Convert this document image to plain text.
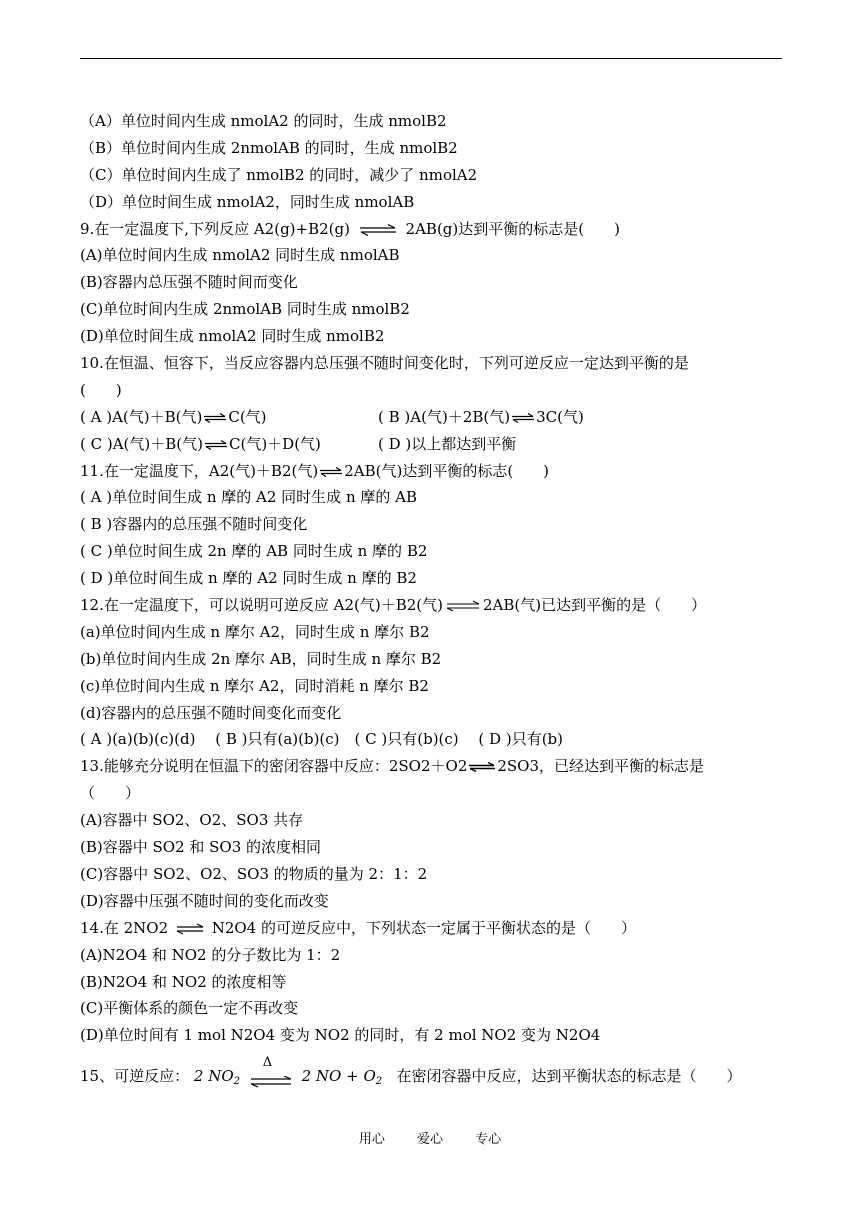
（A）单位时间内生成 nmolA2 的同时，生成 nmolB2
（B）单位时间内生成 2nmolAB 的同时，生成 nmolB2
（C）单位时间内生成了 nmolB2 的同时，减少了 nmolA2
（D）单位时间生成 nmolA2，同时生成 nmolAB
9.在一定温度下,下列反应 A2(g)+B2(g) ⇌ 2AB(g)达到平衡的标志是(　　)
(A)单位时间内生成 nmolA2 同时生成 nmolAB
(B)容器内总压强不随时间而变化
(C)单位时间内生成 2nmolAB 同时生成 nmolB2
(D)单位时间生成 nmolA2 同时生成 nmolB2
10.在恒温、恒容下，当反应容器内总压强不随时间变化时，下列可逆反应一定达到平衡的是
(　　)
( A )A(气)＋B(气)⇌C(气)	( B )A(气)＋2B(气)⇌3C(气)
( C )A(气)＋B(气)⇌C(气)＋D(气)	( D )以上都达到平衡
11.在一定温度下，A2(气)＋B2(气)⇌2AB(气)达到平衡的标志(　　)
( A )单位时间生成 n 摩的 A2 同时生成 n 摩的 AB
( B )容器内的总压强不随时间变化
( C )单位时间生成 2n 摩的 AB 同时生成 n 摩的 B2
( D )单位时间生成 n 摩的 A2 同时生成 n 摩的 B2
12.在一定温度下，可以说明可逆反应 A2(气)＋B2(气)⇌2AB(气)已达到平衡的是（　　）
(a)单位时间内生成 n 摩尔 A2，同时生成 n 摩尔 B2
(b)单位时间内生成 2n 摩尔 AB，同时生成 n 摩尔 B2
(c)单位时间内生成 n 摩尔 A2，同时消耗 n 摩尔 B2
(d)容器内的总压强不随时间变化而变化
( A )(a)(b)(c)(d)　 ( B )只有(a)(b)(c)　( C )只有(b)(c)　 ( D )只有(b)
13.能够充分说明在恒温下的密闭容器中反应：2SO2＋O2⇌2SO3，已经达到平衡的标志是
（　　）
(A)容器中 SO2、O2、SO3 共存
(B)容器中 SO2 和 SO3 的浓度相同
(C)容器中 SO2、O2、SO3 的物质的量为 2：1：2
(D)容器中压强不随时间的变化而改变
14.在 2NO2 ⇌ N2O4 的可逆反应中，下列状态一定属于平衡状态的是（　　）
(A)N2O4 和 NO2 的分子数比为 1：2
(B)N2O4 和 NO2 的浓度相等
(C)平衡体系的颜色一定不再改变
(D)单位时间有 1 mol N2O4 变为 NO2 的同时，有 2 mol NO2 变为 N2O4
15、可逆反应： 2 $NO_2$
Δ
2 NO + $O_2$ 在密闭容器中反应，达到平衡状态的标志是（　　）
用心 爱心 专心
